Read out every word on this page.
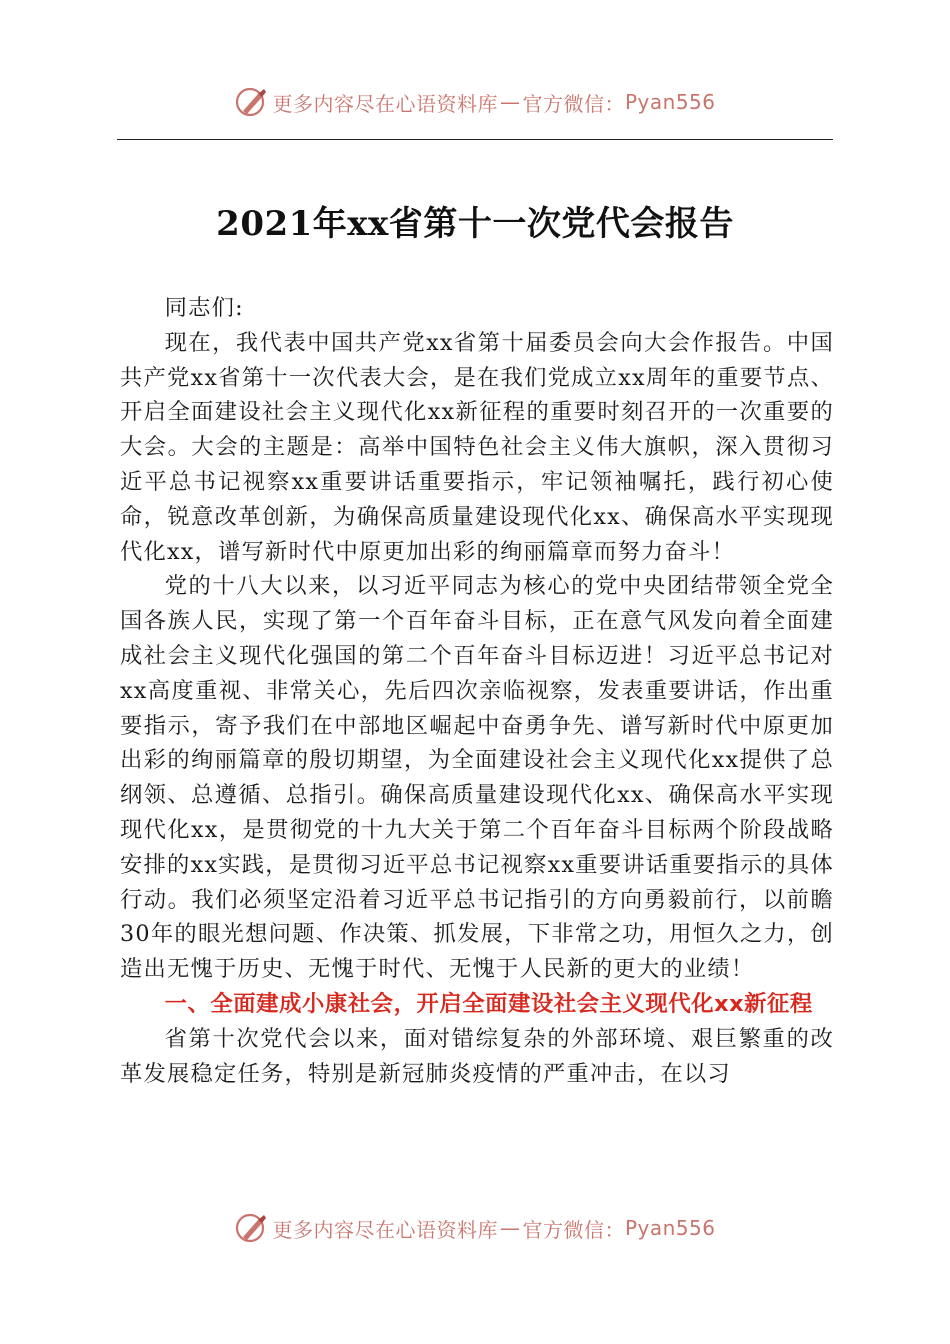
更多内容尽在心语资料库 — 官方微信： Pyan556
2021年xx省第十一次党代会报告

同志们:

现在，我代表中国共产党xx省第十届委员会向大会作报告。中国共产党xx省第十一次代表大会，是在我们党成立xx周年的重要节点、开启全面建设社会主义现代化xx新征程的重要时刻召开的一次重要的大会。大会的主题是：高举中国特色社会主义伟大旗帜，深入贯彻习近平总书记视察xx重要讲话重要指示，牢记领袖嘱托，践行初心使命，锐意改革创新，为确保高质量建设现代化xx、确保高水平实现现代化xx，谱写新时代中原更加出彩的绚丽篇章而努力奋斗！

党的十八大以来，以习近平同志为核心的党中央团结带领全党全国各族人民，实现了第一个百年奋斗目标，正在意气风发向着全面建成社会主义现代化强国的第二个百年奋斗目标迈进！习近平总书记对xx高度重视、非常关心，先后四次亲临视察，发表重要讲话，作出重要指示，寄予我们在中部地区崛起中奋勇争先、谱写新时代中原更加出彩的绚丽篇章的殷切期望，为全面建设社会主义现代化xx提供了总纲领、总遵循、总指引。确保高质量建设现代化xx、确保高水平实现现代化xx，是贯彻党的十九大关于第二个百年奋斗目标两个阶段战略安排的xx实践，是贯彻习近平总书记视察xx重要讲话重要指示的具体行动。我们必须坚定沿着习近平总书记指引的方向勇毅前行，以前瞻30年的眼光想问题、作决策、抓发展，下非常之功，用恒久之力，创造出无愧于历史、无愧于时代、无愧于人民新的更大的业绩！

一、全面建成小康社会，开启全面建设社会主义现代化xx新征程

省第十次党代会以来，面对错综复杂的外部环境、艰巨繁重的改革发展稳定任务，特别是新冠肺炎疫情的严重冲击，在以习

更多内容尽在心语资料库 — 官方微信： Pyan556
